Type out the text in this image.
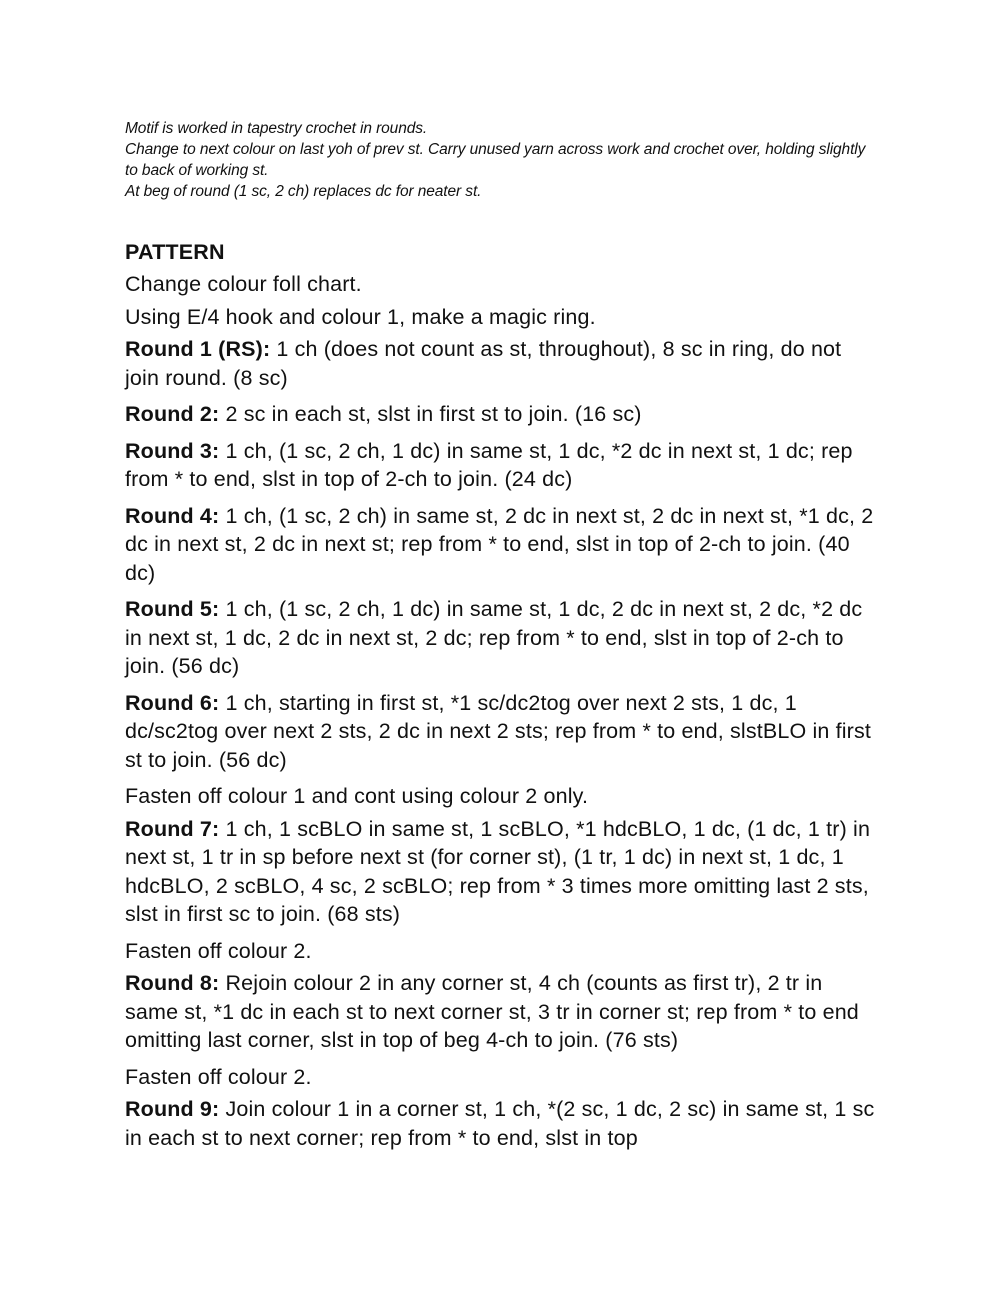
Motif is worked in tapestry crochet in rounds.

Change to next colour on last yoh of prev st. Carry unused yarn across work and crochet over, holding slightly to back of working st.

At beg of round (1 sc, 2 ch) replaces dc for neater st.

PATTERN

Change colour foll chart.

Using E/4 hook and colour 1, make a magic ring.

Round 1 (RS): 1 ch (does not count as st, throughout), 8 sc in ring, do not join round. (8 sc)

Round 2: 2 sc in each st, slst in first st to join. (16 sc)

Round 3: 1 ch, (1 sc, 2 ch, 1 dc) in same st, 1 dc, *2 dc in next st, 1 dc; rep from * to end, slst in top of 2-ch to join. (24 dc)

Round 4: 1 ch, (1 sc, 2 ch) in same st, 2 dc in next st, 2 dc in next st, *1 dc, 2 dc in next st, 2 dc in next st; rep from * to end, slst in top of 2-ch to join. (40 dc)

Round 5: 1 ch, (1 sc, 2 ch, 1 dc) in same st, 1 dc, 2 dc in next st, 2 dc, *2 dc in next st, 1 dc, 2 dc in next st, 2 dc; rep from * to end, slst in top of 2-ch to join. (56 dc)

Round 6: 1 ch, starting in first st, *1 sc/dc2tog over next 2 sts, 1 dc, 1 dc/sc2tog over next 2 sts, 2 dc in next 2 sts; rep from * to end, slstBLO in first st to join. (56 dc)

Fasten off colour 1 and cont using colour 2 only.

Round 7: 1 ch, 1 scBLO in same st, 1 scBLO, *1 hdcBLO, 1 dc, (1 dc, 1 tr) in next st, 1 tr in sp before next st (for corner st), (1 tr, 1 dc) in next st, 1 dc, 1 hdcBLO, 2 scBLO, 4 sc, 2 scBLO; rep from * 3 times more omitting last 2 sts, slst in first sc to join. (68 sts)

Fasten off colour 2.

Round 8: Rejoin colour 2 in any corner st, 4 ch (counts as first tr), 2 tr in same st, *1 dc in each st to next corner st, 3 tr in corner st; rep from * to end omitting last corner, slst in top of beg 4-ch to join. (76 sts)

Fasten off colour 2.

Round 9: Join colour 1 in a corner st, 1 ch, *(2 sc, 1 dc, 2 sc) in same st, 1 sc in each st to next corner; rep from * to end, slst in top
